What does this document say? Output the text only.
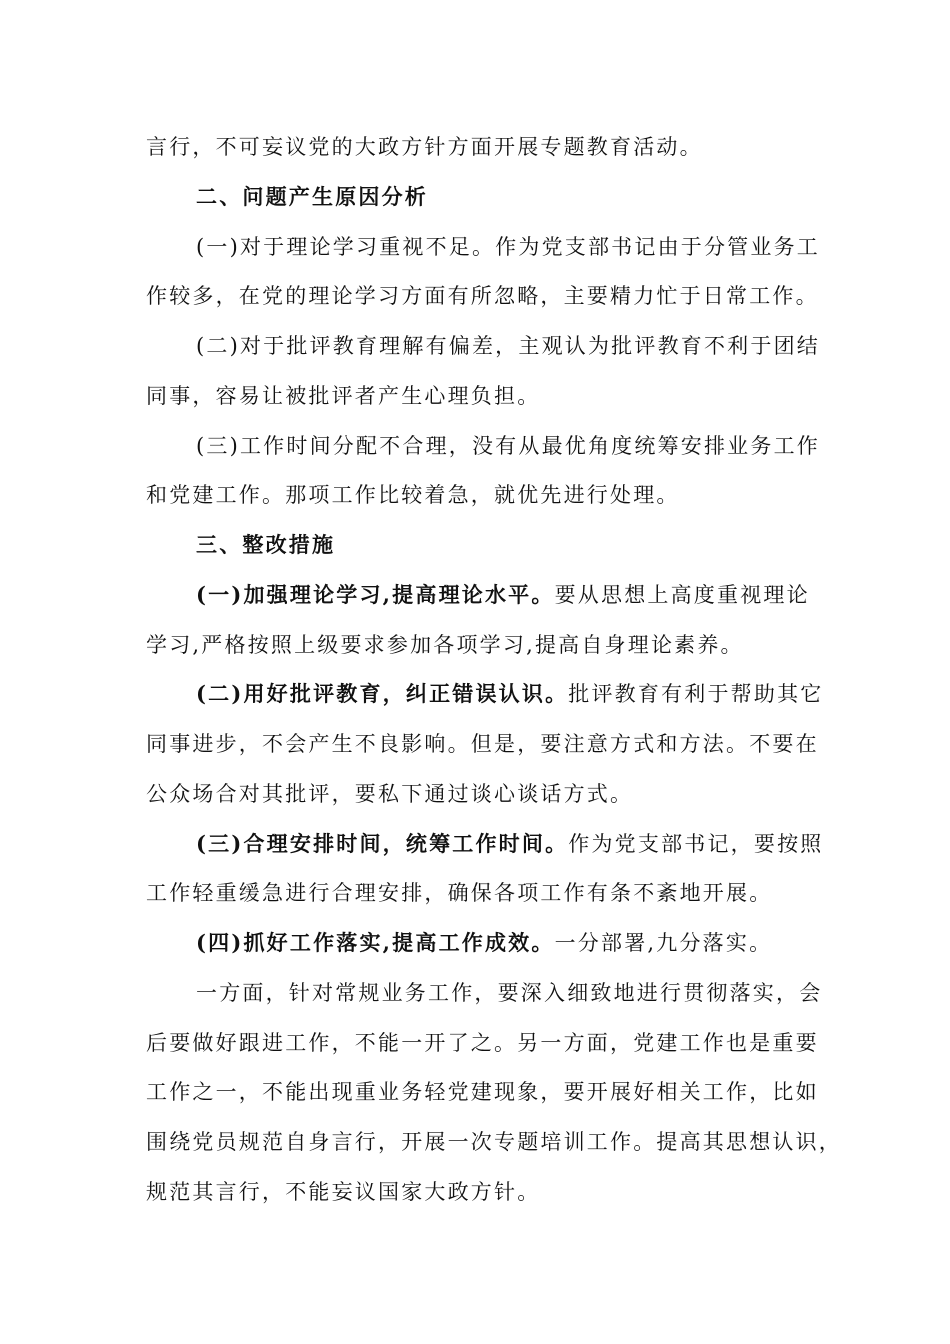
言行，不可妄议党的大政方针方面开展专题教育活动。
二、问题产生原因分析
(一)对于理论学习重视不足。作为党支部书记由于分管业务工
作较多，在党的理论学习方面有所忽略，主要精力忙于日常工作。
(二)对于批评教育理解有偏差，主观认为批评教育不利于团结
同事，容易让被批评者产生心理负担。
(三)工作时间分配不合理，没有从最优角度统筹安排业务工作
和党建工作。那项工作比较着急，就优先进行处理。
三、整改措施
(一)加强理论学习,提高理论水平。要从思想上高度重视理论
学习,严格按照上级要求参加各项学习,提高自身理论素养。
(二)用好批评教育，纠正错误认识。批评教育有利于帮助其它
同事进步，不会产生不良影响。但是，要注意方式和方法。不要在
公众场合对其批评，要私下通过谈心谈话方式。
(三)合理安排时间，统筹工作时间。作为党支部书记，要按照
工作轻重缓急进行合理安排，确保各项工作有条不紊地开展。
(四)抓好工作落实,提高工作成效。一分部署,九分落实。
一方面，针对常规业务工作，要深入细致地进行贯彻落实，会
后要做好跟进工作，不能一开了之。另一方面，党建工作也是重要
工作之一，不能出现重业务轻党建现象，要开展好相关工作，比如
围绕党员规范自身言行，开展一次专题培训工作。提高其思想认识，
规范其言行，不能妄议国家大政方针。
